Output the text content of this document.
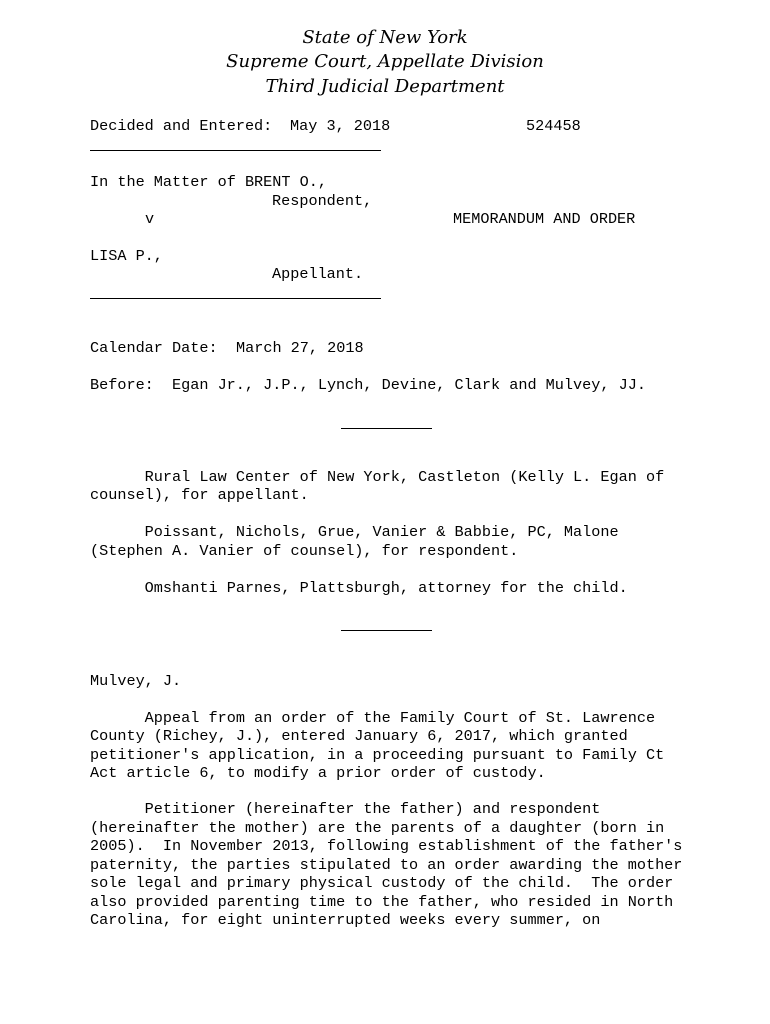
State of New York
Supreme Court, Appellate Division
Third Judicial Department
Decided and Entered: May 3, 2018	524458
In the Matter of BRENT O.,
Respondent,
v	MEMORANDUM AND ORDER
LISA P.,
Appellant.
Calendar Date: March 27, 2018
Before: Egan Jr., J.P., Lynch, Devine, Clark and Mulvey, JJ.
Rural Law Center of New York, Castleton (Kelly L. Egan of
counsel), for appellant.
Poissant, Nichols, Grue, Vanier & Babbie, PC, Malone
(Stephen A. Vanier of counsel), for respondent.
Omshanti Parnes, Plattsburgh, attorney for the child.
Mulvey, J.
Appeal from an order of the Family Court of St. Lawrence
County (Richey, J.), entered January 6, 2017, which granted
petitioner's application, in a proceeding pursuant to Family Ct
Act article 6, to modify a prior order of custody.
Petitioner (hereinafter the father) and respondent
(hereinafter the mother) are the parents of a daughter (born in
2005).  In November 2013, following establishment of the father's
paternity, the parties stipulated to an order awarding the mother
sole legal and primary physical custody of the child.  The order
also provided parenting time to the father, who resided in North
Carolina, for eight uninterrupted weeks every summer, on
